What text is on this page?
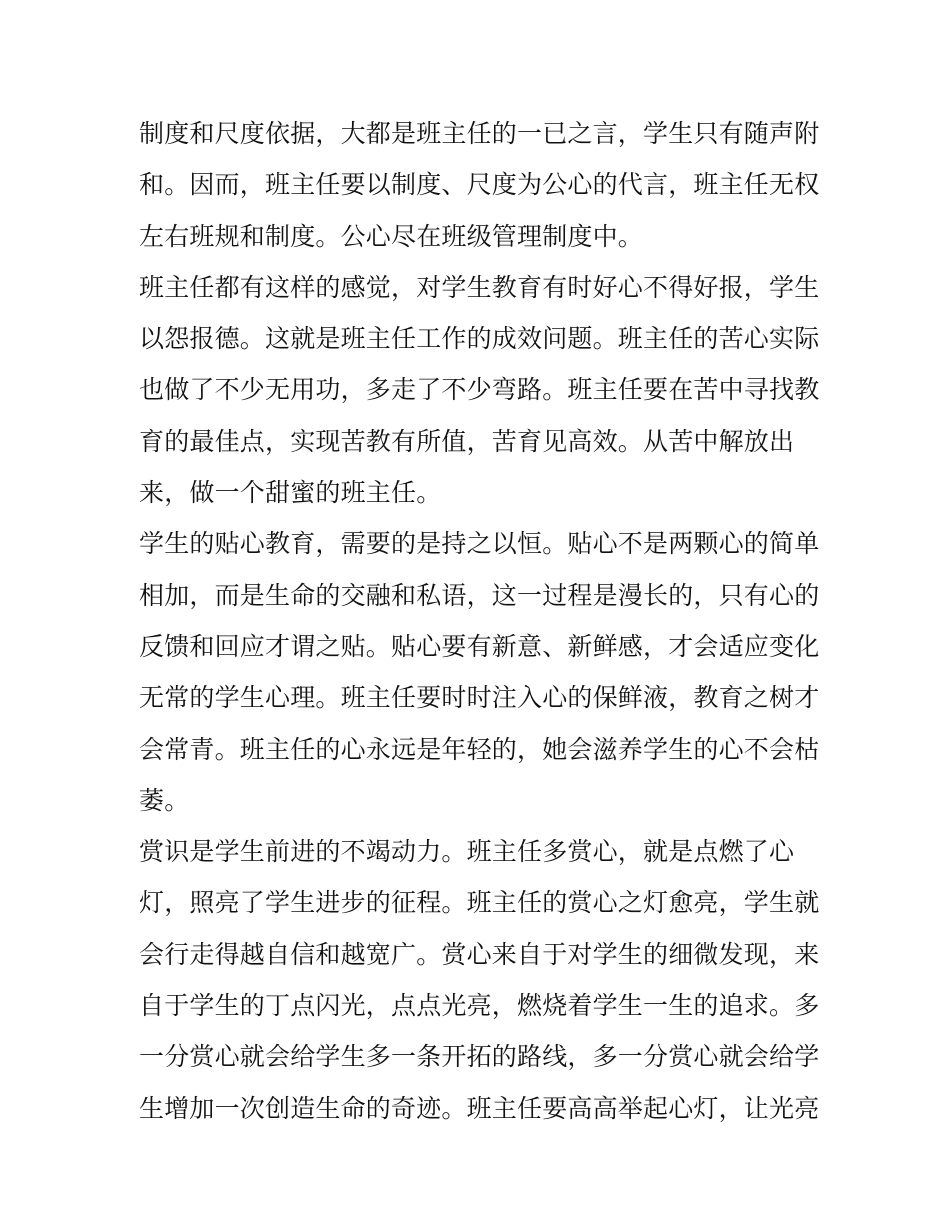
制度和尺度依据，大都是班主任的一已之言，学生只有随声附
和。因而，班主任要以制度、尺度为公心的代言，班主任无权
左右班规和制度。公心尽在班级管理制度中。
班主任都有这样的感觉，对学生教育有时好心不得好报，学生
以怨报德。这就是班主任工作的成效问题。班主任的苦心实际
也做了不少无用功，多走了不少弯路。班主任要在苦中寻找教
育的最佳点，实现苦教有所值，苦育见高效。从苦中解放出
来，做一个甜蜜的班主任。
学生的贴心教育，需要的是持之以恒。贴心不是两颗心的简单
相加，而是生命的交融和私语，这一过程是漫长的，只有心的
反馈和回应才谓之贴。贴心要有新意、新鲜感，才会适应变化
无常的学生心理。班主任要时时注入心的保鲜液，教育之树才
会常青。班主任的心永远是年轻的，她会滋养学生的心不会枯
萎。
赏识是学生前进的不竭动力。班主任多赏心，就是点燃了心
灯，照亮了学生进步的征程。班主任的赏心之灯愈亮，学生就
会行走得越自信和越宽广。赏心来自于对学生的细微发现，来
自于学生的丁点闪光，点点光亮，燃烧着学生一生的追求。多
一分赏心就会给学生多一条开拓的路线，多一分赏心就会给学
生增加一次创造生命的奇迹。班主任要高高举起心灯，让光亮
